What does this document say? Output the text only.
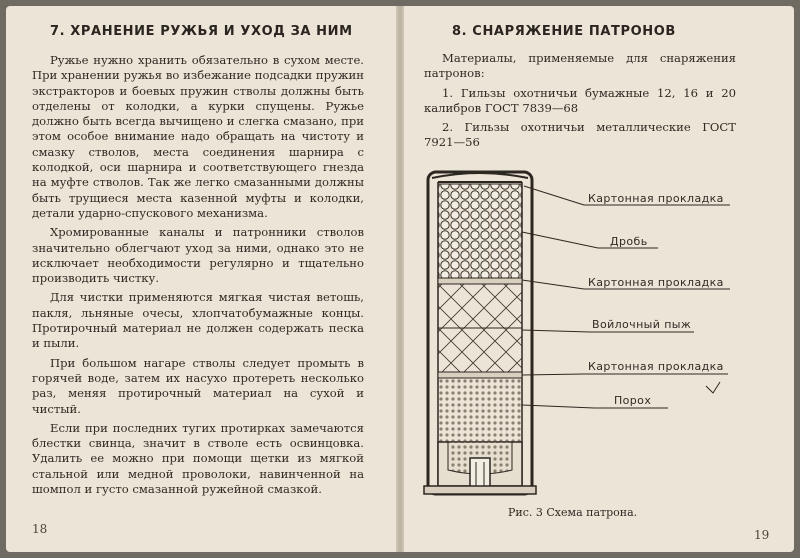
7. ХРАНЕНИЕ РУЖЬЯ И УХОД ЗА НИМ

Ружье нужно хранить обязательно в сухом месте. При хранении ружья во избежание подсадки пружин экстракторов и боевых пружин стволы должны быть отделены от колодки, а курки спущены. Ружье должно быть всегда вычищено и слегка смазано, при этом особое внимание надо обращать на чистоту и смазку стволов, места соединения шарнира с колодкой, оси шарнира и соответствующего гнезда на муфте стволов. Так же легко смазанными должны быть трущиеся места казенной муфты и колодки, детали ударно-спускового механизма.

Хромированные каналы и патронники стволов значительно облегчают уход за ними, однако это не исключает необходимости регулярно и тщательно производить чистку.

Для чистки применяются мягкая чистая ветошь, пакля, льняные очесы, хлопчатобумажные концы. Протирочный материал не должен содержать песка и пыли.

При большом нагаре стволы следует промыть в горячей воде, затем их насухо протереть несколько раз, меняя протирочный материал на сухой и чистый.

Если при последних тугих протирках замечаются блестки свинца, значит в стволе есть освинцовка. Удалить ее можно при помощи щетки из мягкой стальной или медной проволоки, навинченной на шомпол и густо смазанной ружейной смазкой.

18
8. СНАРЯЖЕНИЕ ПАТРОНОВ

Материалы, применяемые для снаряжения патронов:

1. Гильзы охотничьи бумажные 12, 16 и 20 калибров ГОСТ 7839—68

2. Гильзы охотничьи металлические ГОСТ 7921—56

Картонная прокладка
Дробь
Картонная прокладка
Войлочный пыж
Картонная прокладка
Порох
Рис. 3 Схема патрона.
19
